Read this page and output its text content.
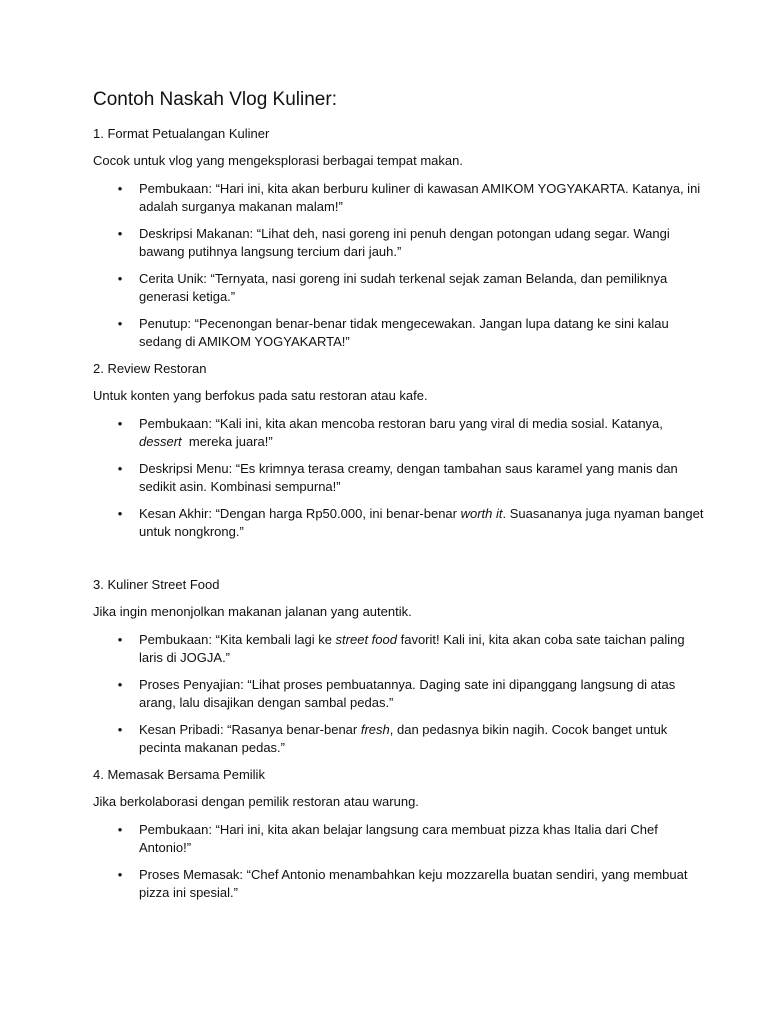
Contoh Naskah Vlog Kuliner:
1. Format Petualangan Kuliner
Cocok untuk vlog yang mengeksplorasi berbagai tempat makan.
• Pembukaan: “Hari ini, kita akan berburu kuliner di kawasan AMIKOM YOGYAKARTA. Katanya, ini adalah surganya makanan malam!”
• Deskripsi Makanan: “Lihat deh, nasi goreng ini penuh dengan potongan udang segar. Wangi bawang putihnya langsung tercium dari jauh.”
• Cerita Unik: “Ternyata, nasi goreng ini sudah terkenal sejak zaman Belanda, dan pemiliknya generasi ketiga.”
• Penutup: “Pecenongan benar-benar tidak mengecewakan. Jangan lupa datang ke sini kalau sedang di AMIKOM YOGYAKARTA!”
2. Review Restoran
Untuk konten yang berfokus pada satu restoran atau kafe.
• Pembukaan: “Kali ini, kita akan mencoba restoran baru yang viral di media sosial. Katanya, dessert  mereka juara!”
• Deskripsi Menu: “Es krimnya terasa creamy, dengan tambahan saus karamel yang manis dan sedikit asin. Kombinasi sempurna!”
• Kesan Akhir: “Dengan harga Rp50.000, ini benar-benar worth it. Suasananya juga nyaman banget untuk nongkrong.”
3. Kuliner Street Food
Jika ingin menonjolkan makanan jalanan yang autentik.
• Pembukaan: “Kita kembali lagi ke street food favorit! Kali ini, kita akan coba sate taichan paling laris di JOGJA.”
• Proses Penyajian: “Lihat proses pembuatannya. Daging sate ini dipanggang langsung di atas arang, lalu disajikan dengan sambal pedas.”
• Kesan Pribadi: “Rasanya benar-benar fresh, dan pedasnya bikin nagih. Cocok banget untuk pecinta makanan pedas.”
4. Memasak Bersama Pemilik
Jika berkolaborasi dengan pemilik restoran atau warung.
• Pembukaan: “Hari ini, kita akan belajar langsung cara membuat pizza khas Italia dari Chef Antonio!”
• Proses Memasak: “Chef Antonio menambahkan keju mozzarella buatan sendiri, yang membuat pizza ini spesial.”
